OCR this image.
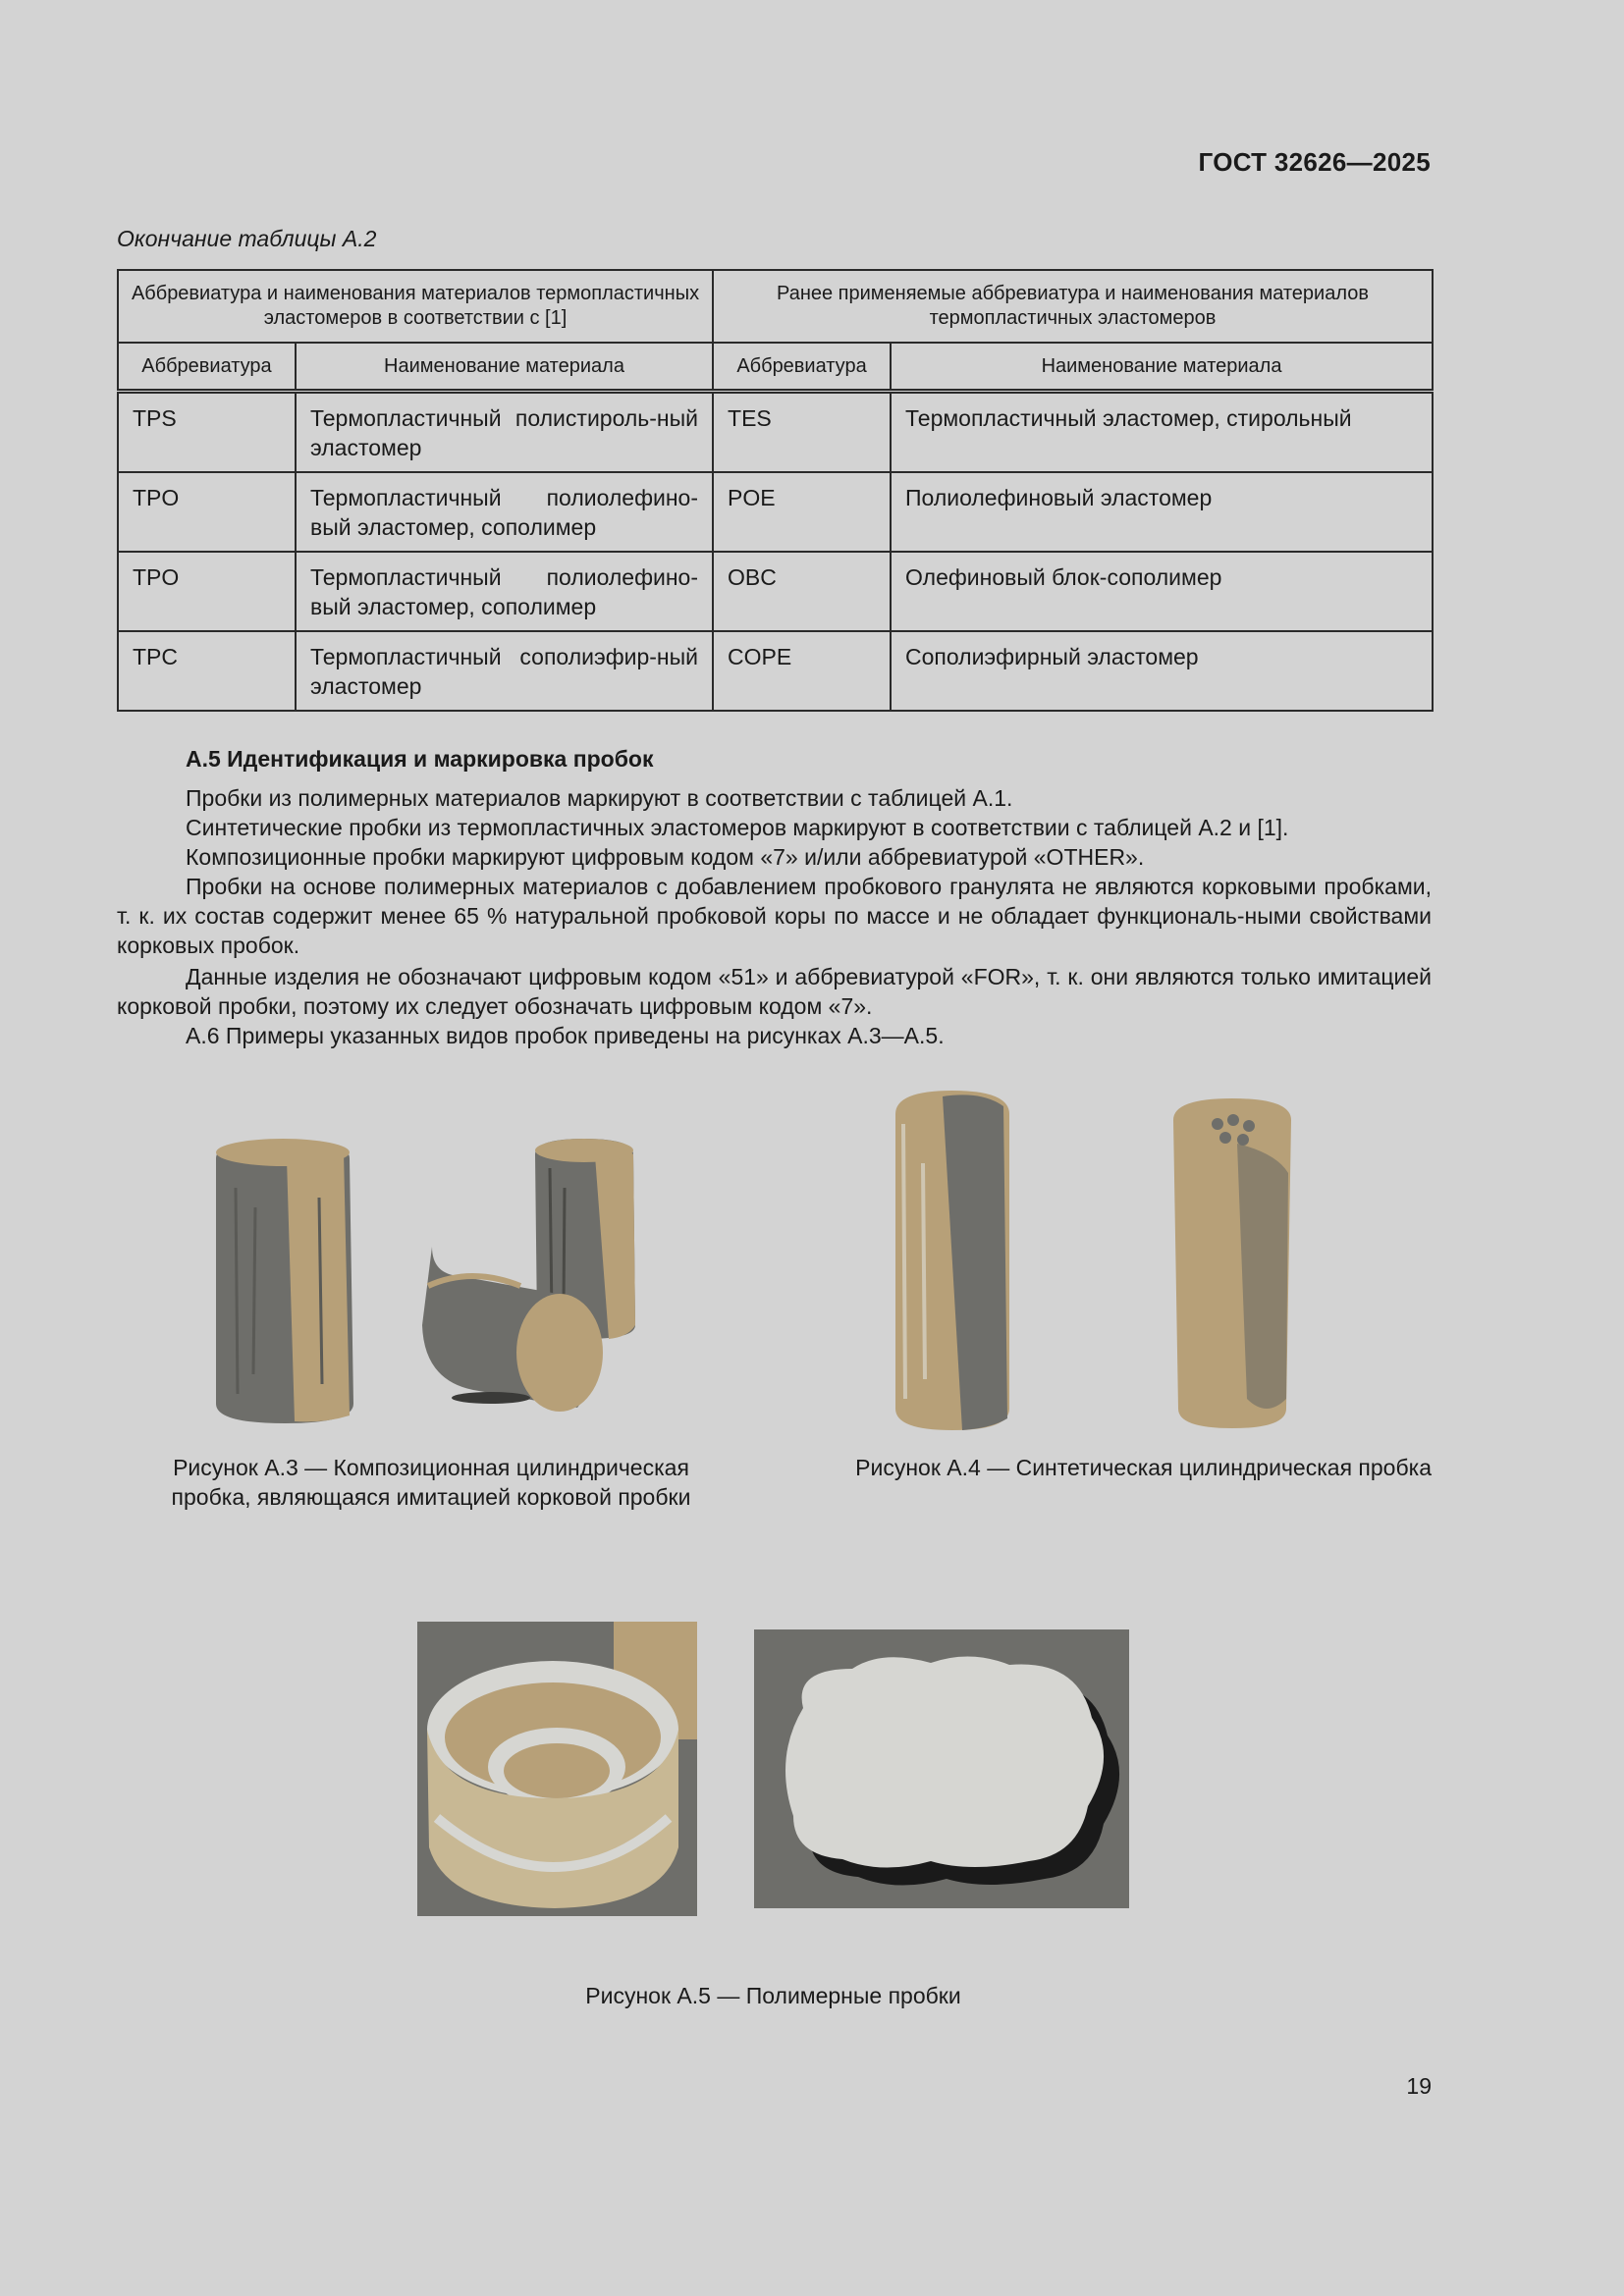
ГОСТ 32626—2025
Окончание таблицы А.2
Аббревиатура и наименования материалов термопластичных эластомеров в соответствии с [1]		Ранее применяемые аббревиатура и наименования материалов термопластичных эластомеров	
Аббревиатура	Наименование материала	Аббревиатура	Наименование материала
TPS	Термопластичный полистироль-ный эластомер	TES	Термопластичный эластомер, стирольный
TPO	Термопластичный полиолефино-вый эластомер, сополимер	POE	Полиолефиновый эластомер
TPO	Термопластичный полиолефино-вый эластомер, сополимер	OBC	Олефиновый блок-сополимер
TPC	Термопластичный сополиэфир-ный эластомер	COPE	Сополиэфирный эластомер
А.5 Идентификация и маркировка пробок
Пробки из полимерных материалов маркируют в соответствии с таблицей А.1.
Синтетические пробки из термопластичных эластомеров маркируют в соответствии с таблицей А.2 и [1].
Композиционные пробки маркируют цифровым кодом «7» и/или аббревиатурой «OTHER».
Пробки на основе полимерных материалов с добавлением пробкового гранулята не являются корковыми пробками, т. к. их состав содержит менее 65 % натуральной пробковой коры по массе и не обладает функциональ-ными свойствами корковых пробок.
Данные изделия не обозначают цифровым кодом «51» и аббревиатурой «FOR», т. к. они являются только имитацией корковой пробки, поэтому их следует обозначать цифровым кодом «7».
А.6 Примеры указанных видов пробок приведены на рисунках А.3—А.5.
Рисунок А.3 — Композиционная цилиндрическая
пробка, являющаяся имитацией корковой пробки
Рисунок А.4 — Синтетическая цилиндрическая пробка
Рисунок А.5 — Полимерные пробки
19
